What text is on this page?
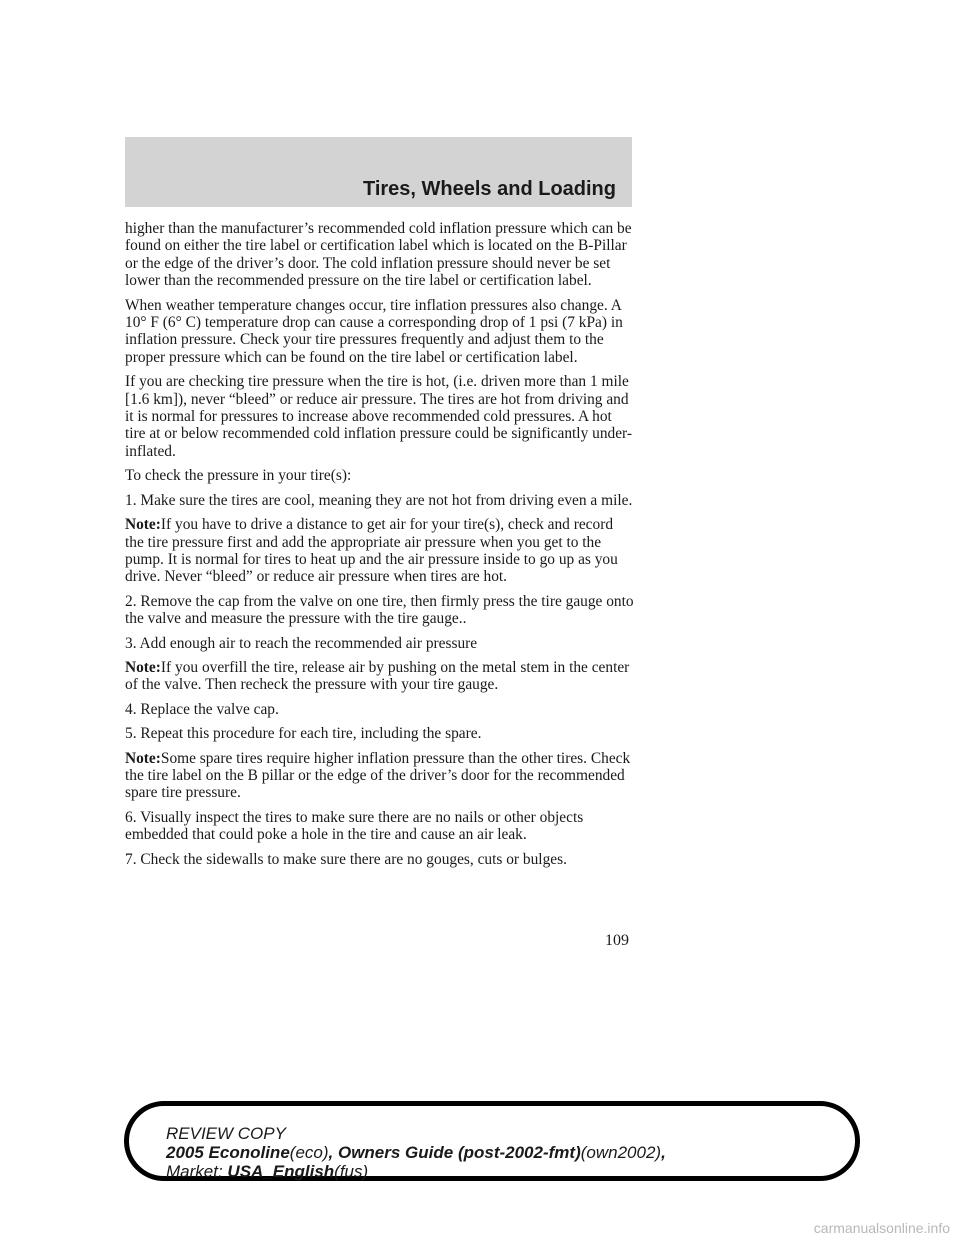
Tires, Wheels and Loading

higher than the manufacturer’s recommended cold inflation pressure which can be found on either the tire label or certification label which is located on the B-Pillar or the edge of the driver’s door. The cold inflation pressure should never be set lower than the recommended pressure on the tire label or certification label.

When weather temperature changes occur, tire inflation pressures also change. A 10° F (6° C) temperature drop can cause a corresponding drop of 1 psi (7 kPa) in inflation pressure. Check your tire pressures frequently and adjust them to the proper pressure which can be found on the tire label or certification label.

If you are checking tire pressure when the tire is hot, (i.e. driven more than 1 mile [1.6 km]), never “bleed” or reduce air pressure. The tires are hot from driving and it is normal for pressures to increase above recommended cold pressures. A hot tire at or below recommended cold inflation pressure could be significantly under-inflated.

To check the pressure in your tire(s):

1. Make sure the tires are cool, meaning they are not hot from driving even a mile.

Note:If you have to drive a distance to get air for your tire(s), check and record the tire pressure first and add the appropriate air pressure when you get to the pump. It is normal for tires to heat up and the air pressure inside to go up as you drive. Never “bleed” or reduce air pressure when tires are hot.

2. Remove the cap from the valve on one tire, then firmly press the tire gauge onto the valve and measure the pressure with the tire gauge..

3. Add enough air to reach the recommended air pressure

Note:If you overfill the tire, release air by pushing on the metal stem in the center of the valve. Then recheck the pressure with your tire gauge.

4. Replace the valve cap.

5. Repeat this procedure for each tire, including the spare.

Note:Some spare tires require higher inflation pressure than the other tires. Check the tire label on the B pillar or the edge of the driver’s door for the recommended spare tire pressure.

6. Visually inspect the tires to make sure there are no nails or other objects embedded that could poke a hole in the tire and cause an air leak.

7. Check the sidewalls to make sure there are no gouges, cuts or bulges.

109
REVIEW COPY
2005 Econoline(eco), Owners Guide (post-2002-fmt)(own2002),
Market: USA_English(fus)
carmanualsonline.info
